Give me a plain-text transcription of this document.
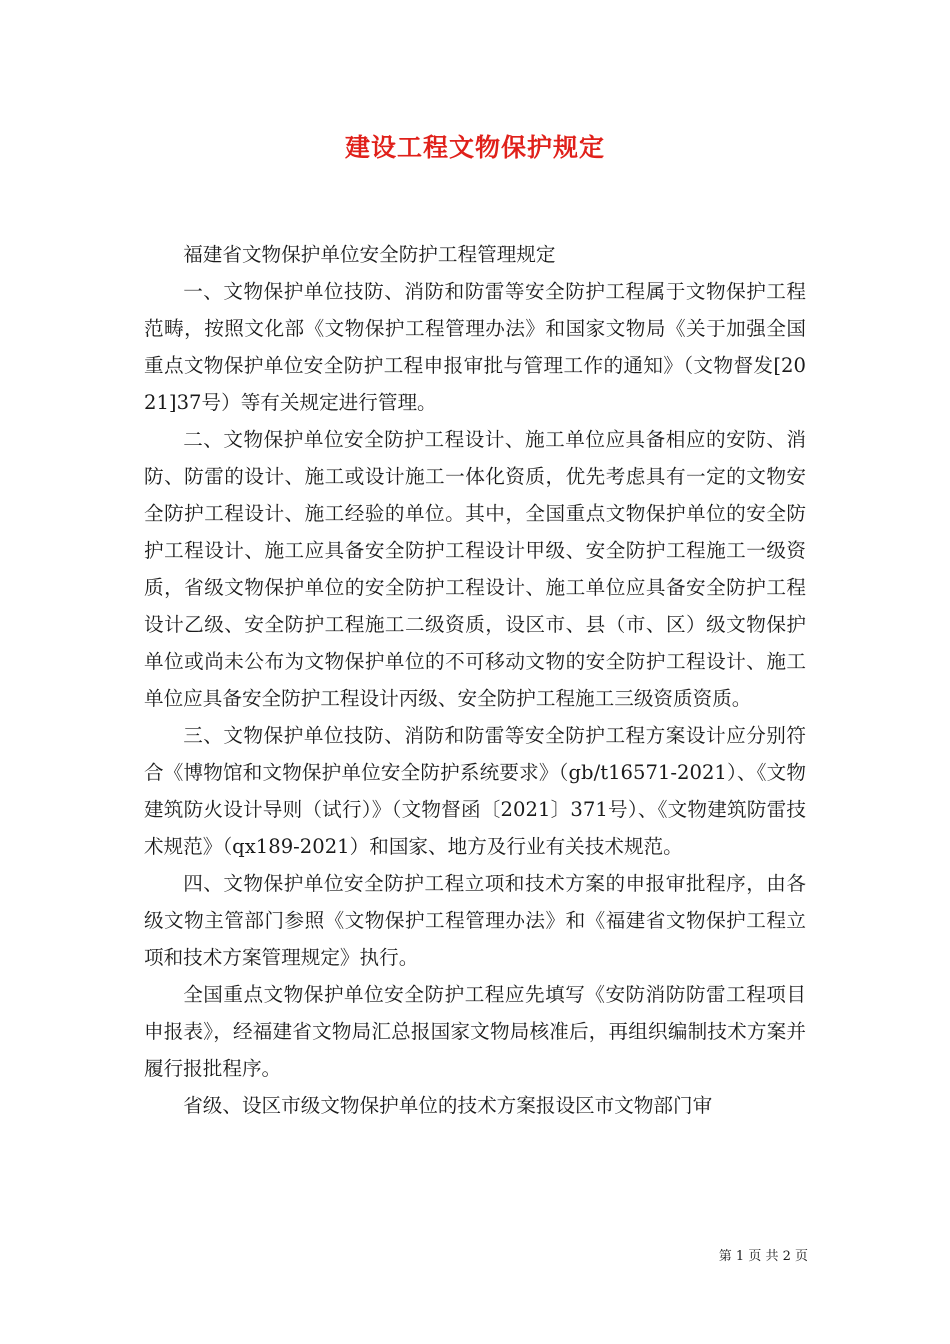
建设工程文物保护规定

福建省文物保护单位安全防护工程管理规定

一、文物保护单位技防、消防和防雷等安全防护工程属于文物保护工程范畴，按照文化部《文物保护工程管理办法》和国家文物局《关于加强全国重点文物保护单位安全防护工程申报审批与管理工作的通知》（文物督发[2021]37号）等有关规定进行管理。

二、文物保护单位安全防护工程设计、施工单位应具备相应的安防、消防、防雷的设计、施工或设计施工一体化资质，优先考虑具有一定的文物安全防护工程设计、施工经验的单位。其中，全国重点文物保护单位的安全防护工程设计、施工应具备安全防护工程设计甲级、安全防护工程施工一级资质，省级文物保护单位的安全防护工程设计、施工单位应具备安全防护工程设计乙级、安全防护工程施工二级资质，设区市、县（市、区）级文物保护单位或尚未公布为文物保护单位的不可移动文物的安全防护工程设计、施工单位应具备安全防护工程设计丙级、安全防护工程施工三级资质资质。

三、文物保护单位技防、消防和防雷等安全防护工程方案设计应分别符合《博物馆和文物保护单位安全防护系统要求》（gb/t16571-2021）、《文物建筑防火设计导则（试行）》（文物督函〔2021〕371号）、《文物建筑防雷技术规范》（qx189-2021）和国家、地方及行业有关技术规范。

四、文物保护单位安全防护工程立项和技术方案的申报审批程序，由各级文物主管部门参照《文物保护工程管理办法》和《福建省文物保护工程立项和技术方案管理规定》执行。

全国重点文物保护单位安全防护工程应先填写《安防消防防雷工程项目申报表》，经福建省文物局汇总报国家文物局核准后，再组织编制技术方案并履行报批程序。

省级、设区市级文物保护单位的技术方案报设区市文物部门审

第 1 页 共 2 页
